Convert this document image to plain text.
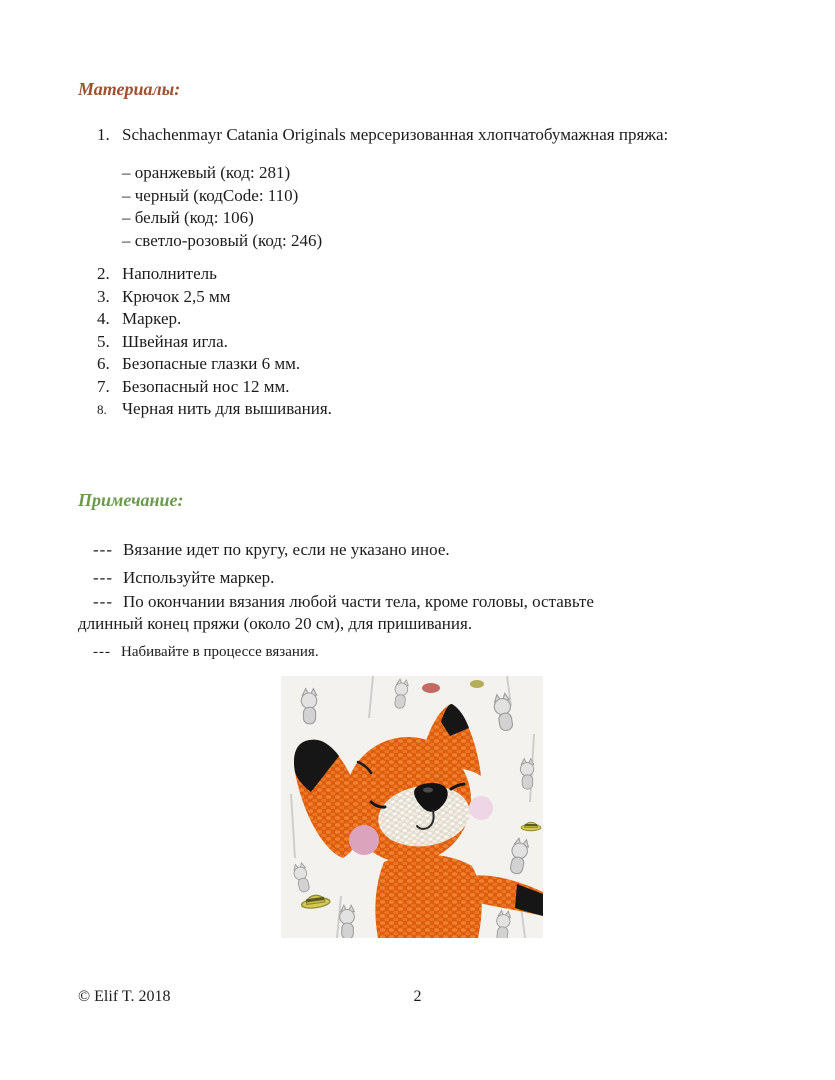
Материалы:

1. Schachenmayr Catania Originals мерсеризованная хлопчатобумажная пряжа:

– оранжевый (код: 281)
– черный (кодCode: 110)
– белый (код: 106)
– светло-розовый (код: 246)
2. Наполнитель
3. Крючок 2,5 мм
4. Маркер.
5. Швейная игла.
6. Безопасные глазки 6 мм.
7. Безопасный нос 12 мм.
8. Черная нить для вышивания.
Примечание:

--- Вязание идет по кругу, если не указано иное.

--- Используйте маркер.

--- По окончании вязания любой части тела, кроме головы, оставьте
длинный конец пряжи (около 20 см), для пришивания.

--- Набивайте в процессе вязания.

© Elif T. 2018	2
